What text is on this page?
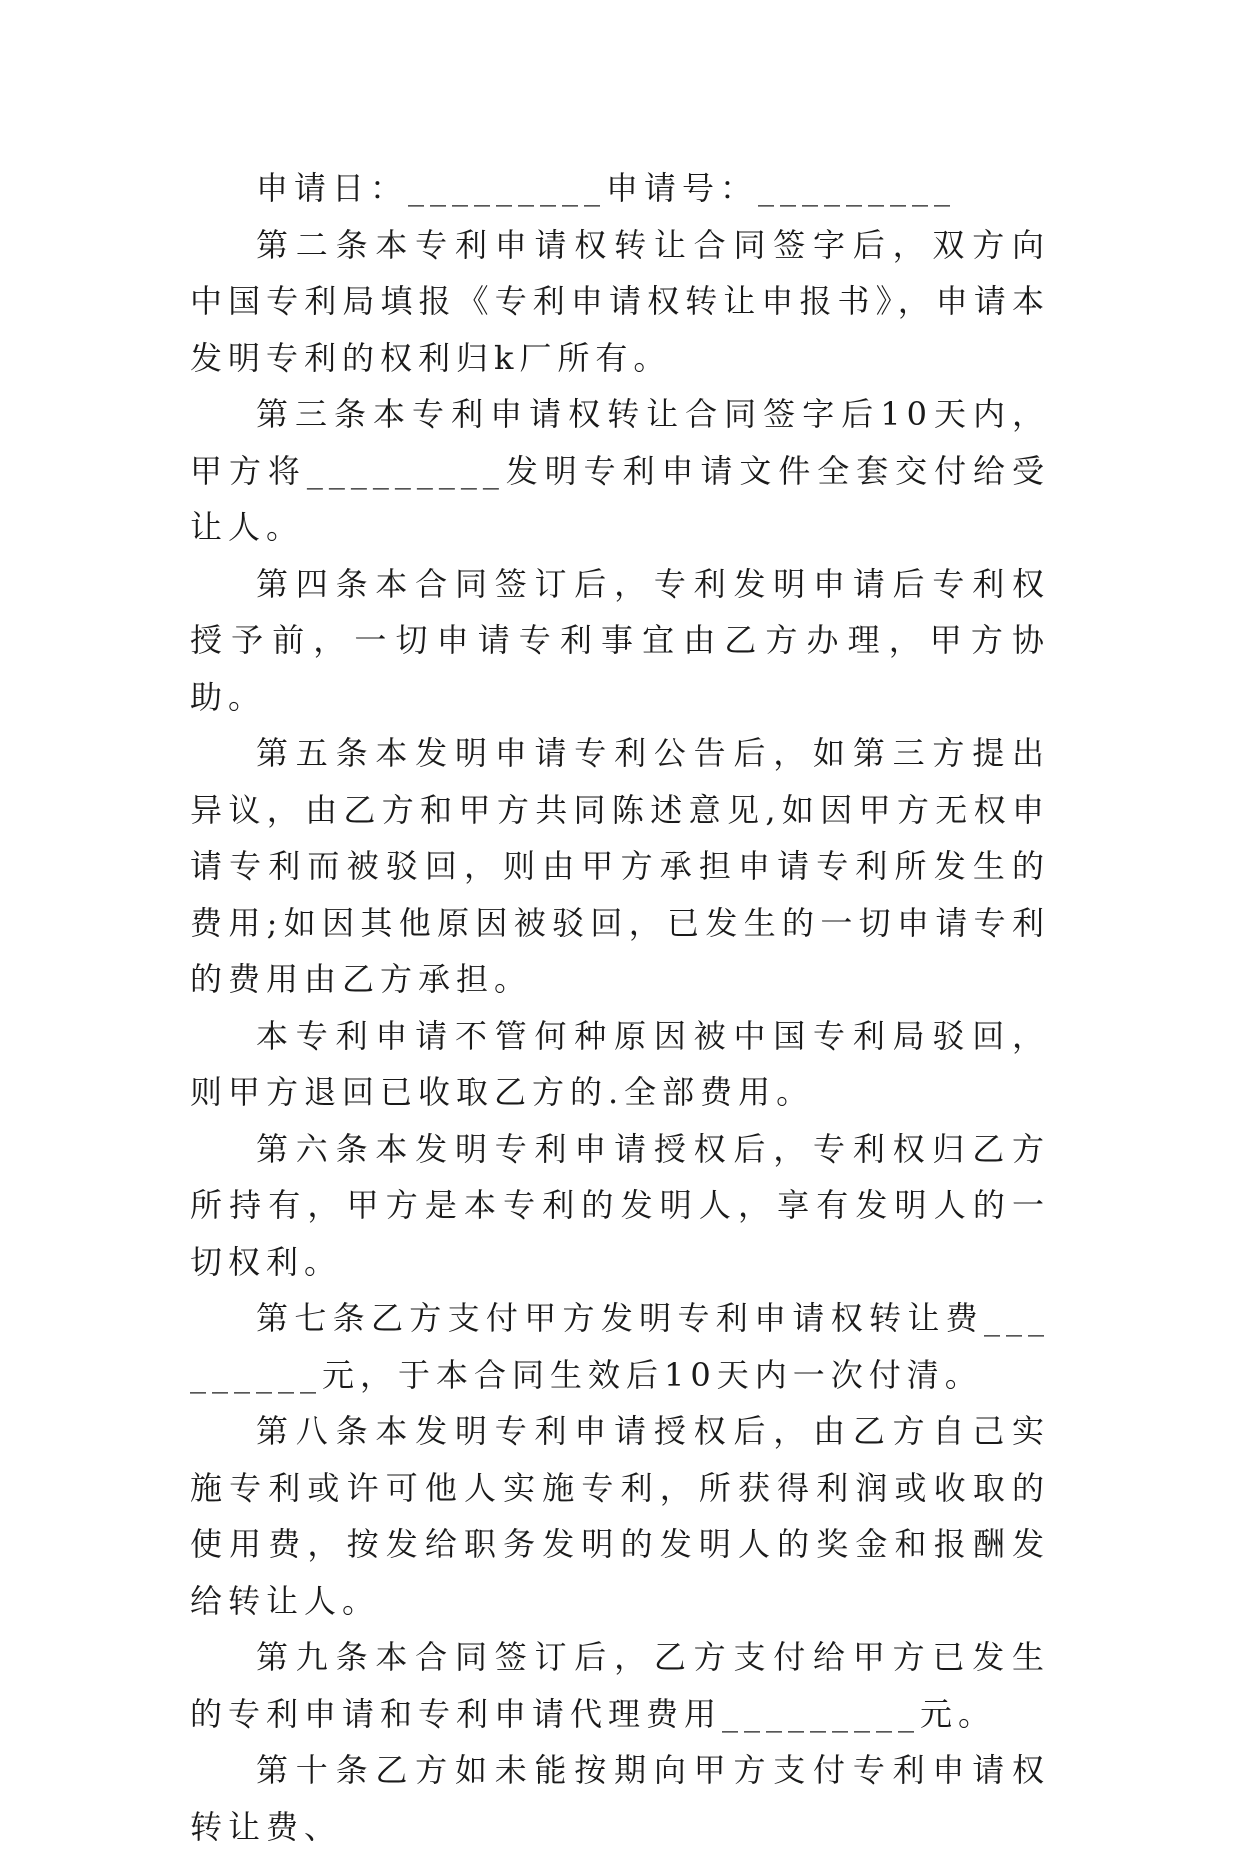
申请日：_________申请号：_________

第二条本专利申请权转让合同签字后，双方向中国专利局填报《专利申请权转让申报书》，申请本发明专利的权利归k厂所有。

第三条本专利申请权转让合同签字后10天内，甲方将_________发明专利申请文件全套交付给受让人。

第四条本合同签订后，专利发明申请后专利权授予前，一切申请专利事宜由乙方办理，甲方协助。

第五条本发明申请专利公告后，如第三方提出异议，由乙方和甲方共同陈述意见,如因甲方无权申请专利而被驳回，则由甲方承担申请专利所发生的费用;如因其他原因被驳回，已发生的一切申请专利的费用由乙方承担。

本专利申请不管何种原因被中国专利局驳回，则甲方退回已收取乙方的.全部费用。

第六条本发明专利申请授权后，专利权归乙方所持有，甲方是本专利的发明人，享有发明人的一切权利。

第七条乙方支付甲方发明专利申请权转让费_________元，于本合同生效后10天内一次付清。

第八条本发明专利申请授权后，由乙方自己实施专利或许可他人实施专利，所获得利润或收取的使用费，按发给职务发明的发明人的奖金和报酬发给转让人。

第九条本合同签订后，乙方支付给甲方已发生的专利申请和专利申请代理费用_________元。

第十条乙方如未能按期向甲方支付专利申请权转让费、
